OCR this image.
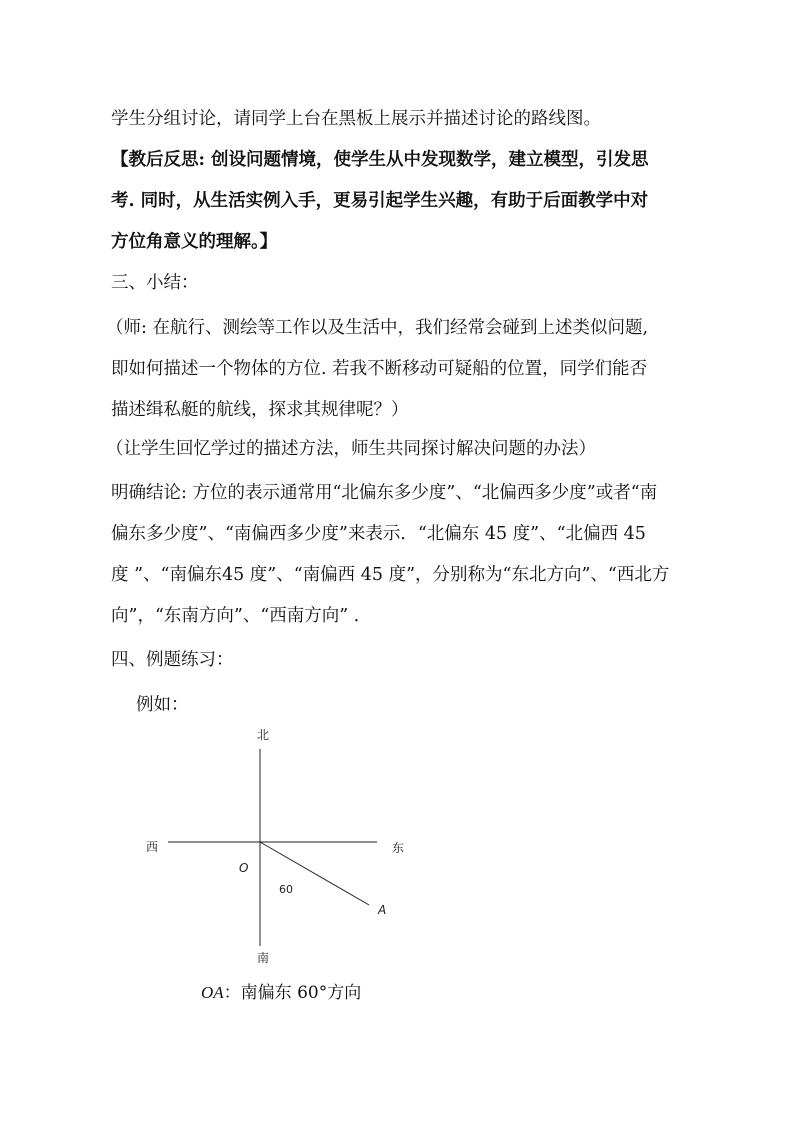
学生分组讨论，请同学上台在黑板上展示并描述讨论的路线图。
【教后反思: 创设问题情境，使学生从中发现数学，建立模型，引发思
考. 同时，从生活实例入手，更易引起学生兴趣，有助于后面教学中对
方位角意义的理解。】
三、小结：
（师: 在航行、测绘等工作以及生活中，我们经常会碰到上述类似问题,
即如何描述一个物体的方位. 若我不断移动可疑船的位置，同学们能否
描述缉私艇的航线，探求其规律呢？）
（让学生回忆学过的描述方法，师生共同探讨解决问题的办法）
明确结论: 方位的表示通常用“北偏东多少度”、“北偏西多少度”或者“南
偏东多少度”、“南偏西多少度”来表示．“北偏东 45 度”、“北偏西 45
度 ”、“南偏东45 度”、“南偏西 45 度”，分别称为“东北方向”、“西北方
向”，“东南方向”、“西南方向” ．
四、例题练习：
例如：
北
南
西	东
O
60
A
OA：南偏东 60°方向
